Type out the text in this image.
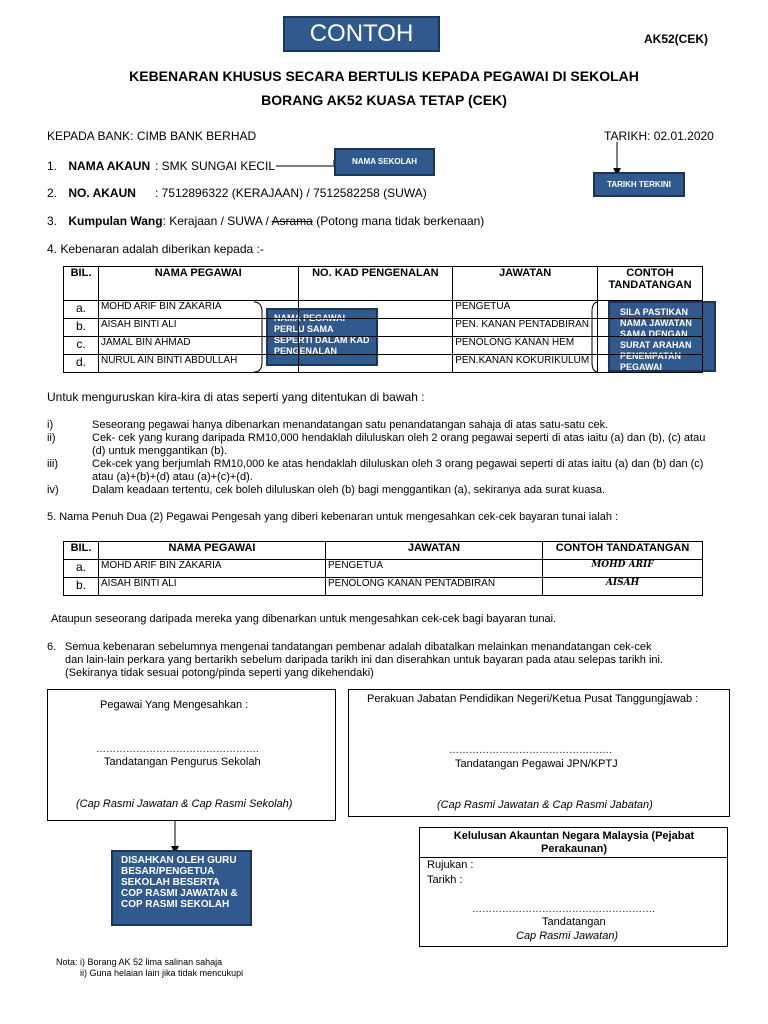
CONTOH	AK52(CEK)
KEBENARAN KHUSUS SECARA BERTULIS KEPADA PEGAWAI DI SEKOLAH
BORANG AK52 KUASA TETAP (CEK)
KEPADA BANK: CIMB BANK BERHAD	TARIKH: 02.01.2020
1. NAMA AKAUN : SMK SUNGAI KECIL
2. NO. AKAUN : 7512896322 (KERAJAAN) / 7512582258 (SUWA)
3. Kumpulan Wang: Kerajaan / SUWA / Asrama (Potong mana tidak berkenaan)
4. Kebenaran adalah diberikan kepada :-
NAMA SEKOLAH
TARIKH TERKINI
NAMA PEGAWAI PERLU SAMA SEPERTI DALAM KAD PENGENALAN
SILA PASTIKAN NAMA JAWATAN SAMA DENGAN SURAT ARAHAN PENEMPATAN PEGAWAI
BIL.	NAMA PEGAWAI	NO. KAD PENGENALAN	JAWATAN	CONTOH TANDATANGAN
a.	MOHD ARIF BIN ZAKARIA		PENGETUA	
b.	AISAH BINTI ALI		PEN. KANAN PENTADBIRAN	
c.	JAMAL BIN AHMAD		PENOLONG KANAN HEM	
d.	NURUL AIN BINTI ABDULLAH		PEN.KANAN KOKURIKULUM	
Untuk menguruskan kira-kira di atas seperti yang ditentukan di bawah :
i)	Seseorang pegawai hanya dibenarkan menandatangan satu penandatangan sahaja di atas satu-satu cek.
ii)	Cek- cek yang kurang daripada RM10,000 hendaklah diluluskan oleh 2 orang pegawai seperti di atas iaitu (a) dan (b), (c) atau (d) untuk menggantikan (b).
iii)	Cek-cek yang berjumlah RM10,000 ke atas hendaklah diluluskan oleh 3 orang pegawai seperti di atas iaitu (a) dan (b) dan (c) atau (a)+(b)+(d) atau (a)+(c)+(d).
iv)	Dalam keadaan tertentu, cek boleh diluluskan oleh (b) bagi menggantikan (a), sekiranya ada surat kuasa.
5. Nama Penuh Dua (2) Pegawai Pengesah yang diberi kebenaran untuk mengesahkan cek-cek bayaran tunai ialah :
BIL.	NAMA PEGAWAI	JAWATAN	CONTOH TANDATANGAN
a.	MOHD ARIF BIN ZAKARIA	PENGETUA	MOHD ARIF
b.	AISAH BINTI ALI	PENOLONG KANAN PENTADBIRAN	AISAH
Ataupun seseorang daripada mereka yang dibenarkan untuk mengesahkan cek-cek bagi bayaran tunai.
6. Semua kebenaran sebelumnya mengenai tandatangan pembenar adalah dibatalkan melainkan menandatangan cek-cek
dan lain-lain perkara yang bertarikh sebelum daripada tarikh ini dan diserahkan untuk bayaran pada atau selepas tarikh ini.
(Sekiranya tidak sesuai potong/pinda seperti yang dikehendaki)
Pegawai Yang Mengesahkan :
………………………………………….
Tandatangan Pengurus Sekolah
(Cap Rasmi Jawatan & Cap Rasmi Sekolah)
Perakuan Jabatan Pendidikan Negeri/Ketua Pusat Tanggungjawab :
………………………………………….
Tandatangan Pegawai JPN/KPTJ
(Cap Rasmi Jawatan & Cap Rasmi Jabatan)
Kelulusan Akauntan Negara Malaysia (Pejabat Perakaunan)
Rujukan :
Tarikh :
……………………………………………….
Tandatangan
Cap Rasmi Jawatan)
DISAHKAN OLEH GURU BESAR/PENGETUA SEKOLAH BESERTA COP RASMI JAWATAN & COP RASMI SEKOLAH
Nota: i) Borang AK 52 lima salinan sahaja
ii) Guna helaian lain jika tidak mencukupi
